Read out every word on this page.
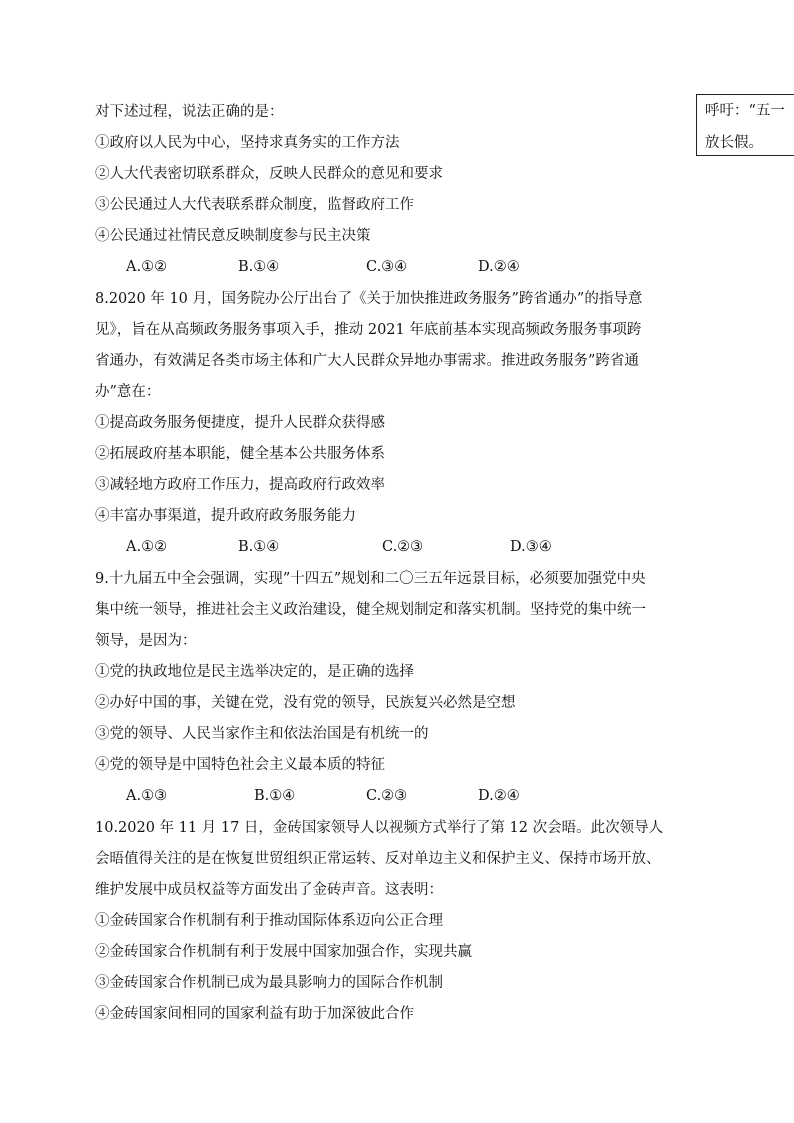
呼吁：“五一
放长假。
对下述过程，说法正确的是：
①政府以人民为中心，坚持求真务实的工作方法
②人大代表密切联系群众，反映人民群众的意见和要求
③公民通过人大代表联系群众制度，监督政府工作
④公民通过社情民意反映制度参与民主决策
A.①②	B.①④	C.③④	D.②④
8.2020 年 10 月，国务院办公厅出台了《关于加快推进政务服务”跨省通办”的指导意
见》，旨在从高频政务服务事项入手，推动 2021 年底前基本实现高频政务服务事项跨
省通办，有效满足各类市场主体和广大人民群众异地办事需求。推进政务服务”跨省通
办”意在：
①提高政务服务便捷度，提升人民群众获得感
②拓展政府基本职能，健全基本公共服务体系
③减轻地方政府工作压力，提高政府行政效率
④丰富办事渠道，提升政府政务服务能力
A.①②	B.①④	C.②③	D.③④
9.十九届五中全会强调，实现”十四五”规划和二〇三五年远景目标，必须要加强党中央
集中统一领导，推进社会主义政治建设，健全规划制定和落实机制。坚持党的集中统一
领导，是因为：
①党的执政地位是民主选举决定的，是正确的选择
②办好中国的事，关键在党，没有党的领导，民族复兴必然是空想
③党的领导、人民当家作主和依法治国是有机统一的
④党的领导是中国特色社会主义最本质的特征
A.①③	B.①④	C.②③	D.②④
10.2020 年 11 月 17 日，金砖国家领导人以视频方式举行了第 12 次会晤。此次领导人
会晤值得关注的是在恢复世贸组织正常运转、反对单边主义和保护主义、保持市场开放、
维护发展中成员权益等方面发出了金砖声音。这表明：
①金砖国家合作机制有利于推动国际体系迈向公正合理
②金砖国家合作机制有利于发展中国家加强合作，实现共赢
③金砖国家合作机制已成为最具影响力的国际合作机制
④金砖国家间相同的国家利益有助于加深彼此合作
